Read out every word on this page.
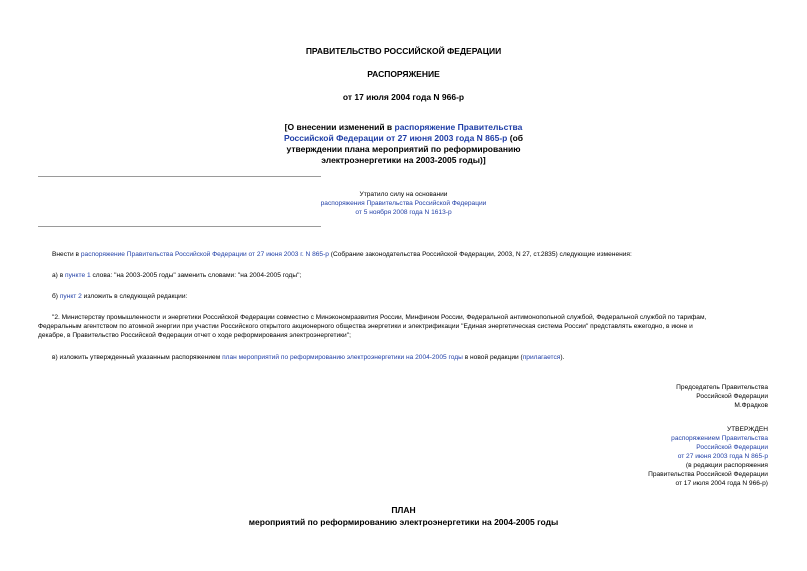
ПРАВИТЕЛЬСТВО РОССИЙСКОЙ ФЕДЕРАЦИИ
РАСПОРЯЖЕНИЕ
от 17 июля 2004 года N 966-р
[О внесении изменений в распоряжение Правительства
Российской Федерации от 27 июня 2003 года N 865-р (об
утверждении плана мероприятий по реформированию
электроэнергетики на 2003-2005 годы)]
Утратило силу на основании
распоряжения Правительства Российской Федерации
от 5 ноября 2008 года N 1613-р
Внести в распоряжение Правительства Российской Федерации от 27 июня 2003 г. N 865-р (Собрание законодательства Российской Федерации, 2003, N 27, ст.2835) следующие изменения:
а) в пункте 1 слова: "на 2003-2005 годы" заменить словами: "на 2004-2005 годы";
б) пункт 2 изложить в следующей редакции:
"2. Министерству промышленности и энергетики Российской Федерации совместно с Минэкономразвития России, Минфином России, Федеральной антимонопольной службой, Федеральной службой по тарифам,
Федеральным агентством по атомной энергии при участии Российского открытого акционерного общества энергетики и электрификации "Единая энергетическая система России" представлять ежегодно, в июне и
декабре, в Правительство Российской Федерации отчет о ходе реформирования электроэнергетики";
в) изложить утвержденный указанным распоряжением план мероприятий по реформированию электроэнергетики на 2004-2005 годы в новой редакции (прилагается).
Председатель Правительства
Российской Федерации
М.Фрадков
УТВЕРЖДЕН
распоряжением Правительства
Российской Федерации
от 27 июня 2003 года N 865-р
(в редакции распоряжения
Правительства Российской Федерации
от 17 июля 2004 года N 966-р)
ПЛАН
мероприятий по реформированию электроэнергетики на 2004-2005 годы
